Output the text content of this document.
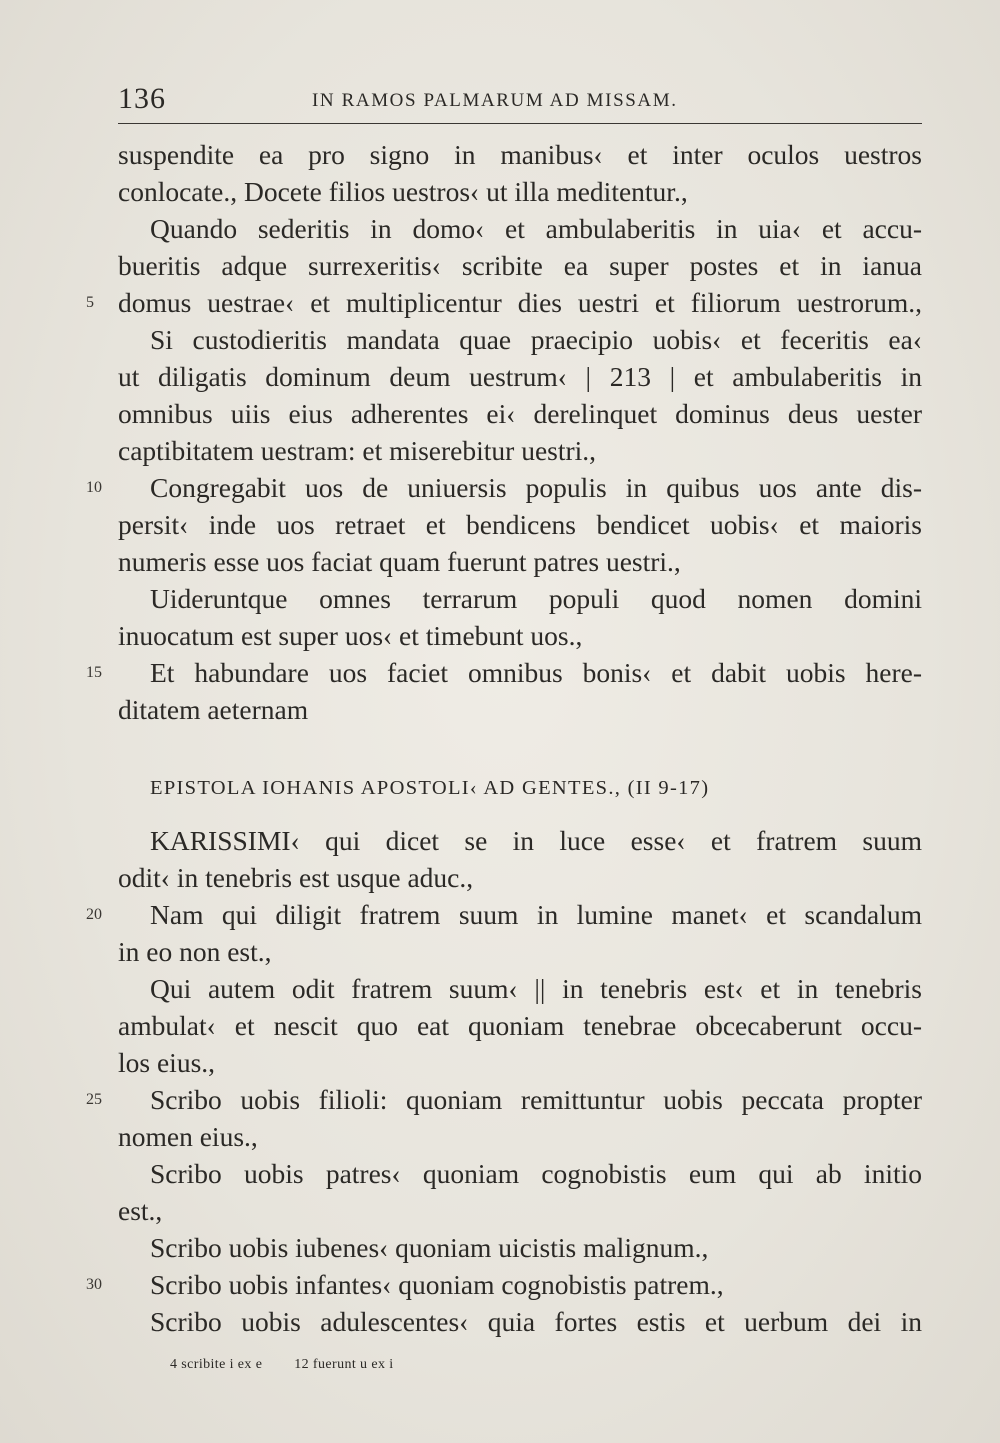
136	IN RAMOS PALMARUM AD MISSAM.
suspendite ea pro signo in manibus‹ et inter oculos uestros
conlocate., Docete filios uestros‹ ut illa meditentur.,
Quando sederitis in domo‹ et ambulaberitis in uia‹ et accu-
bueritis adque surrexeritis‹ scribite ea super postes et in ianua
5 domus uestrae‹ et multiplicentur dies uestri et filiorum uestrorum.,
Si custodieritis mandata quae praecipio uobis‹ et feceritis ea‹
ut diligatis dominum deum uestrum‹ | 213 | et ambulaberitis in
omnibus uiis eius adherentes ei‹ derelinquet dominus deus uester
captibitatem uestram: et miserebitur uestri.,
10 Congregabit uos de uniuersis populis in quibus uos ante dis-
persit‹ inde uos retraet et bendicens bendicet uobis‹ et maioris
numeris esse uos faciat quam fuerunt patres uestri.,
Uideruntque omnes terrarum populi quod nomen domini
inuocatum est super uos‹ et timebunt uos.,
15 Et habundare uos faciet omnibus bonis‹ et dabit uobis here-
ditatem aeternam
EPISTOLA IOHANIS APOSTOLI‹ AD GENTES., (II 9-17)
KARISSIMI‹ qui dicet se in luce esse‹ et fratrem suum
odit‹ in tenebris est usque aduc.,
20 Nam qui diligit fratrem suum in lumine manet‹ et scandalum
in eo non est.,
Qui autem odit fratrem suum‹ || in tenebris est‹ et in tenebris
ambulat‹ et nescit quo eat quoniam tenebrae obcecaberunt occu-
los eius.,
25 Scribo uobis filioli: quoniam remittuntur uobis peccata propter
nomen eius.,
Scribo uobis patres‹ quoniam cognobistis eum qui ab initio
est.,
Scribo uobis iubenes‹ quoniam uicistis malignum.,
30 Scribo uobis infantes‹ quoniam cognobistis patrem.,
Scribo uobis adulescentes‹ quia fortes estis et uerbum dei in
4 scribite i ex e 12 fuerunt u ex i
